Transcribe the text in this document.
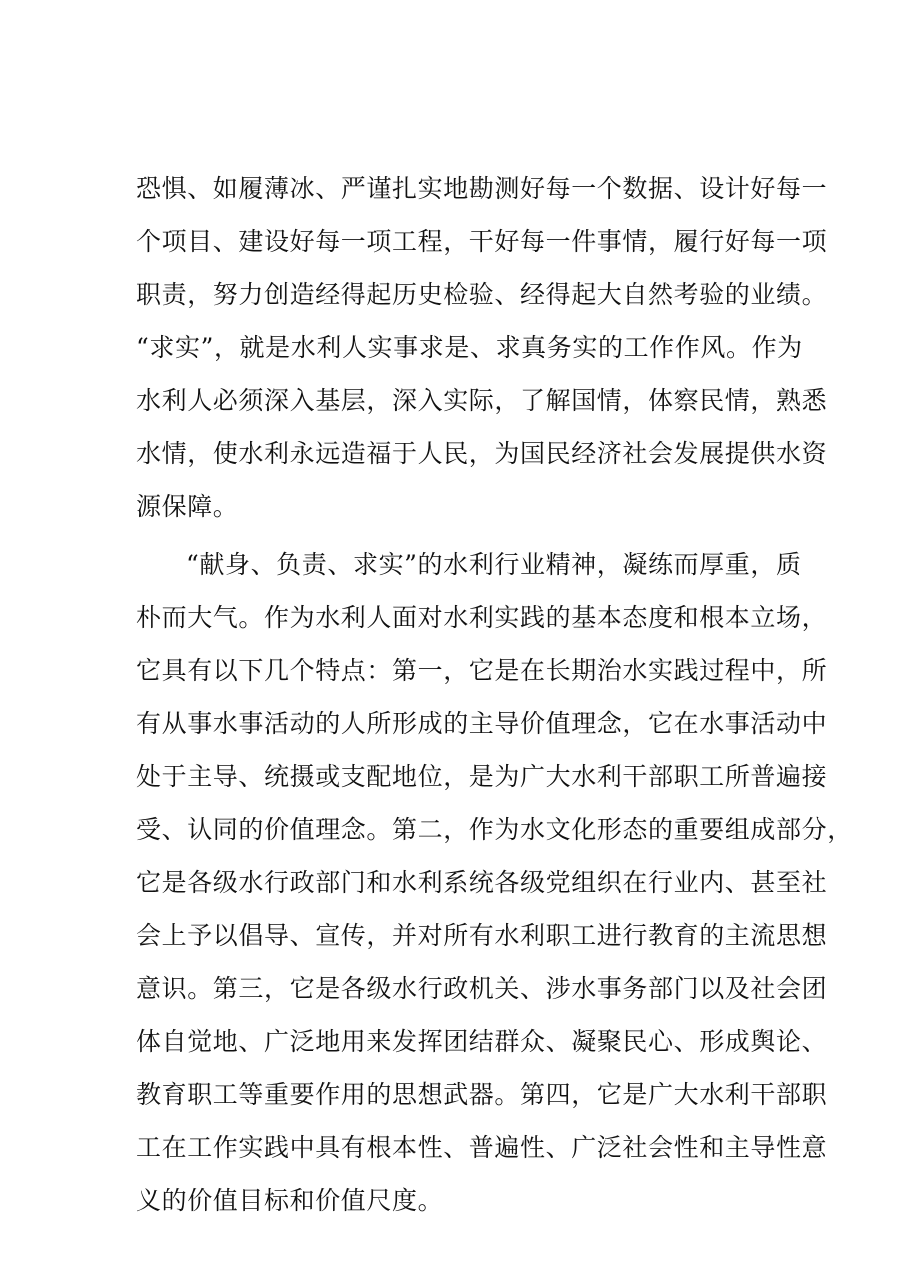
恐惧、如履薄冰、严谨扎实地勘测好每一个数据、设计好每一
个项目、建设好每一项工程，干好每一件事情，履行好每一项
职责，努力创造经得起历史检验、经得起大自然考验的业绩。
“求实”，就是水利人实事求是、求真务实的工作作风。作为
水利人必须深入基层，深入实际，了解国情，体察民情，熟悉
水情，使水利永远造福于人民，为国民经济社会发展提供水资
源保障。
“献身、负责、求实”的水利行业精神，凝练而厚重，质
朴而大气。作为水利人面对水利实践的基本态度和根本立场，
它具有以下几个特点：第一，它是在长期治水实践过程中，所
有从事水事活动的人所形成的主导价值理念，它在水事活动中
处于主导、统摄或支配地位，是为广大水利干部职工所普遍接
受、认同的价值理念。第二，作为水文化形态的重要组成部分，
它是各级水行政部门和水利系统各级党组织在行业内、甚至社
会上予以倡导、宣传，并对所有水利职工进行教育的主流思想
意识。第三，它是各级水行政机关、涉水事务部门以及社会团
体自觉地、广泛地用来发挥团结群众、凝聚民心、形成舆论、
教育职工等重要作用的思想武器。第四，它是广大水利干部职
工在工作实践中具有根本性、普遍性、广泛社会性和主导性意
义的价值目标和价值尺度。
